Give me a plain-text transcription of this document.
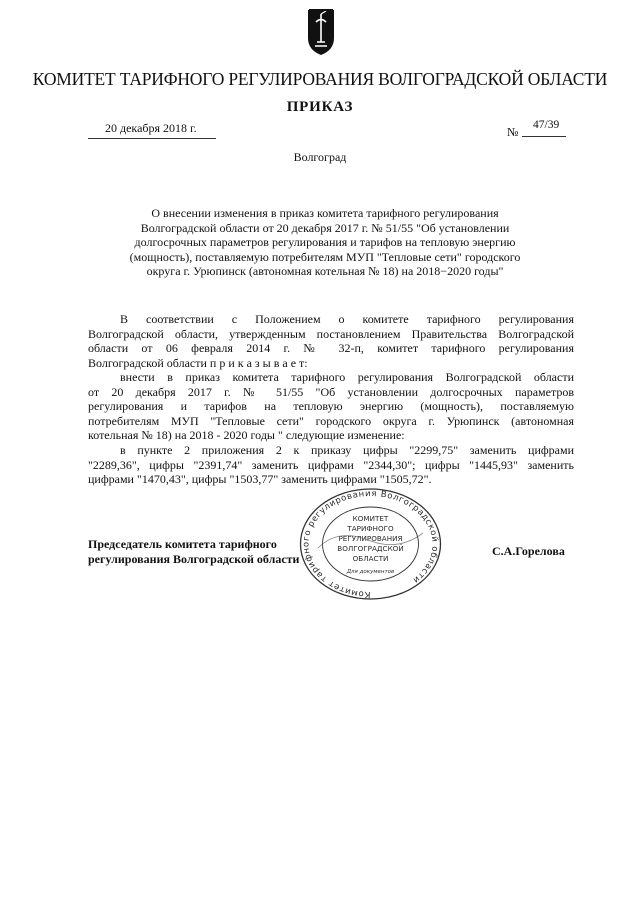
КОМИТЕТ ТАРИФНОГО РЕГУЛИРОВАНИЯ ВОЛГОГРАДСКОЙ ОБЛАСТИ
ПРИКАЗ
20 декабря 2018 г.	№ 47/39
Волгоград
О внесении изменения в приказ комитета тарифного регулирования
Волгоградской области от 20 декабря 2017 г. № 51/55 "Об установлении
долгосрочных параметров регулирования и тарифов на тепловую энергию
(мощность), поставляемую потребителям МУП "Тепловые сети" городского
округа г. Урюпинск (автономная котельная № 18) на 2018−2020 годы"
В соответствии с Положением о комитете тарифного регулирования
Волгоградской области, утвержденным постановлением Правительства Волгоградской
области от 06 февраля 2014 г. № 32-п, комитет тарифного регулирования
Волгоградской области п р и к а з ы в а е т:
внести в приказ комитета тарифного регулирования Волгоградской области
от 20 декабря 2017 г. № 51/55 "Об установлении долгосрочных параметров
регулирования и тарифов на тепловую энергию (мощность), поставляемую
потребителям МУП "Тепловые сети" городского округа г. Урюпинск (автономная
котельная № 18) на 2018 - 2020 годы " следующие изменение:
в пункте 2 приложения 2 к приказу цифры "2299,75" заменить цифрами
"2289,36", цифры "2391,74" заменить цифрами "2344,30"; цифры "1445,93" заменить
цифрами "1470,43", цифры "1503,77" заменить цифрами "1505,72".
Председатель комитета тарифного
регулирования Волгоградской области
С.А.Горелова
Комитет тарифного регулирования Волгоградской области
КОМИТЕТ
ТАРИФНОГО
РЕГУЛИРОВАНИЯ
ВОЛГОГРАДСКОЙ
ОБЛАСТИ
Для документов
